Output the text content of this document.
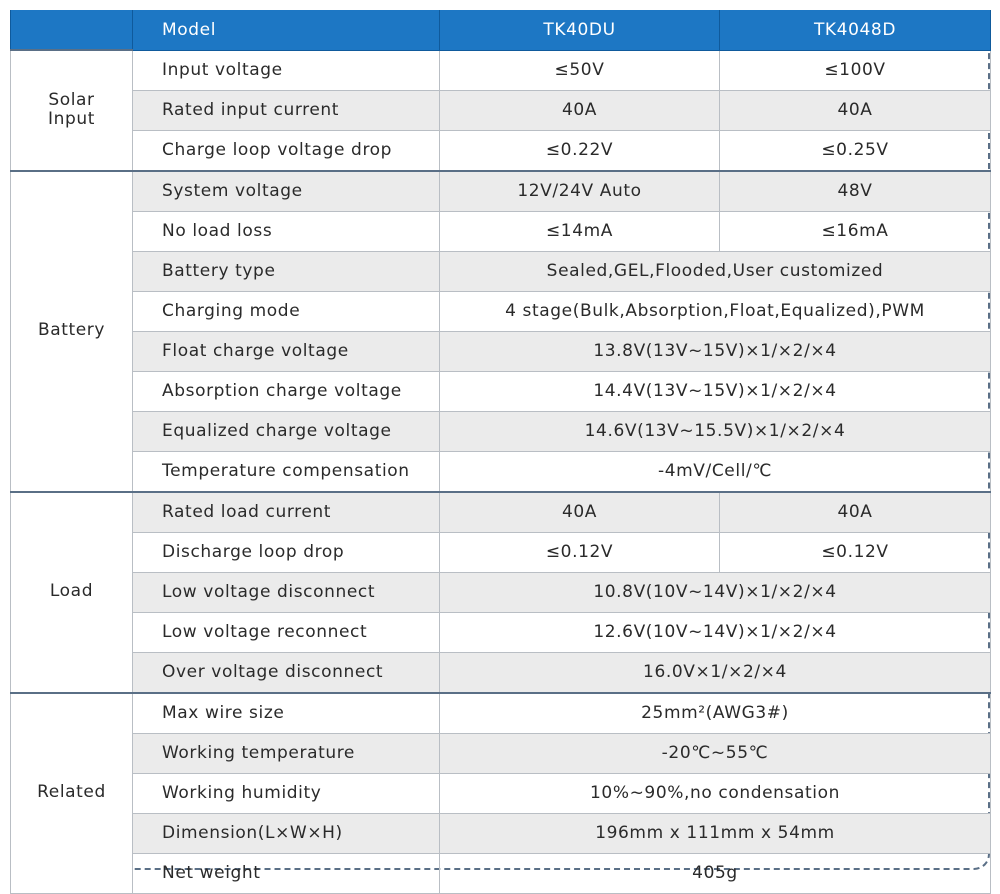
	Model	TK40DU	TK4048D
Solar
Input	Input voltage	≤50V	≤100V
	Rated input current	40A	40A
	Charge loop voltage drop	≤0.22V	≤0.25V
Battery	System voltage	12V/24V Auto	48V
	No load loss	≤14mA	≤16mA
	Battery type	Sealed,GEL,Flooded,User customized	
	Charging mode	4 stage(Bulk,Absorption,Float,Equalized),PWM	
	Float charge voltage	13.8V(13V~15V)×1/×2/×4	
	Absorption charge voltage	14.4V(13V~15V)×1/×2/×4	
	Equalized charge voltage	14.6V(13V~15.5V)×1/×2/×4	
	Temperature compensation	-4mV/Cell/℃	
Load	Rated load current	40A	40A
	Discharge loop drop	≤0.12V	≤0.12V
	Low voltage disconnect	10.8V(10V~14V)×1/×2/×4	
	Low voltage reconnect	12.6V(10V~14V)×1/×2/×4	
	Over voltage disconnect	16.0V×1/×2/×4	
Related	Max wire size	25mm²(AWG3#)	
	Working temperature	-20℃~55℃	
	Working humidity	10%~90%,no condensation	
	Dimension(L×W×H)	196mm x 111mm x 54mm	
	Net weight	405g	
